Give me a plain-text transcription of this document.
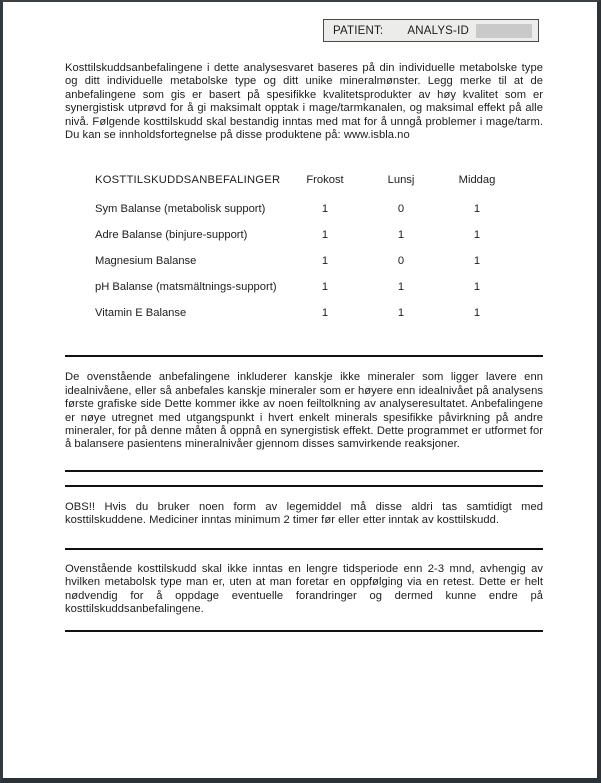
PATIENT: ANALYS-ID

Kosttilskuddsanbefalingene i dette analysesvaret baseres på din individuelle metabolske type og ditt individuelle metabolske type og ditt unike mineralmønster. Legg merke til at de anbefalingene som gis er basert på spesifikke kvalitetsprodukter av høy kvalitet som er synergistisk utprøvd for å gi maksimalt opptak i mage/tarmkanalen, og maksimal effekt på alle nivå. Følgende kosttilskudd skal bestandig inntas med mat for å unngå problemer i mage/tarm. Du kan se innholdsfortegnelse på disse produktene på: www.isbla.no

KOSTTILSKUDDSANBEFALINGER	Frokost	Lunsj	Middag
Sym Balanse (metabolisk support)	1	0	1
Adre Balanse (binjure-support)	1	1	1
Magnesium Balanse	1	0	1
pH Balanse (matsmältnings-support)	1	1	1
Vitamin E Balanse	1	1	1

De ovenstående anbefalingene inkluderer kanskje ikke mineraler som ligger lavere enn idealnivåene, eller så anbefales kanskje mineraler som er høyere enn idealnivået på analysens første grafiske side Dette kommer ikke av noen feiltolkning av analyseresultatet. Anbefalingene er nøye utregnet med utgangspunkt i hvert enkelt minerals spesifikke påvirkning på andre mineraler, for på denne måten å oppnå en synergistisk effekt. Dette programmet er utformet for å balansere pasientens mineralnivåer gjennom disses samvirkende reaksjoner.

OBS!! Hvis du bruker noen form av legemiddel må disse aldri tas samtidigt med kosttilskuddene. Mediciner inntas minimum 2 timer før eller etter inntak av kosttilskudd.

Ovenstående kosttilskudd skal ikke inntas en lengre tidsperiode enn 2-3 mnd, avhengig av hvilken metabolsk type man er, uten at man foretar en oppfølging via en retest. Dette er helt nødvendig for å oppdage eventuelle forandringer og dermed kunne endre på kosttilskuddsanbefalingene.
